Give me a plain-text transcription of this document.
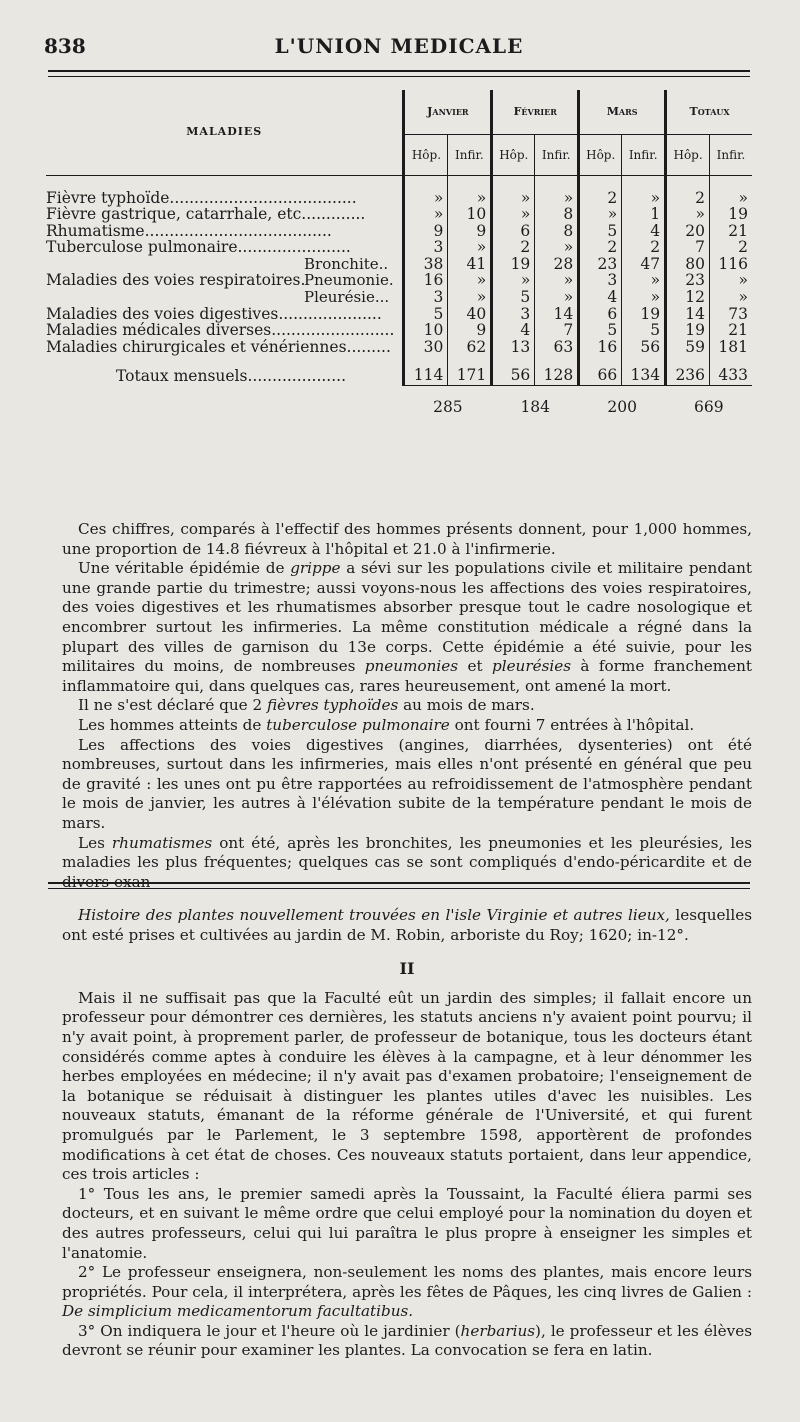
L'UNION MEDICALE
838
MALADIES	Janvier		Février		Mars		Totaux	
	Hôp.	Infir.	Hôp.	Infir.	Hôp.	Infir.	Hôp.	Infir.

Fièvre typhoïde......................................	»	»	»	»	2	»	2	»
Fièvre gastrique, catarrhale, etc.............	»	10	»	8	»	1	»	19
Rhumatisme......................................	9	9	6	8	5	4	20	21
Tuberculose pulmonaire.......................	3	»	2	»	2	2	7	2
Bronchite..	38	41	19	28	23	47	80	116
Maladies des voies respiratoires.Pneumonie.	16	»	»	»	3	»	23	»
Pleurésie...	3	»	5	»	4	»	12	»
Maladies des voies digestives.....................	5	40	3	14	6	19	14	73
Maladies médicales diverses.........................	10	9	4	7	5	5	19	21
Maladies chirurgicales et vénériennes.........	30	62	13	63	16	56	59	181
Totaux mensuels....................	114	171	56	128	66	134	236	433
	285		184		200		669	

Ces chiffres, comparés à l'effectif des hommes présents donnent, pour 1,000 hommes, une proportion de 14.8 fiévreux à l'hôpital et 21.0 à l'infirmerie.

Une véritable épidémie de grippe a sévi sur les populations civile et militaire pendant une grande partie du trimestre; aussi voyons-nous les affections des voies respiratoires, des voies digestives et les rhumatismes absorber presque tout le cadre nosologique et encombrer surtout les infirmeries. La même constitution médicale a régné dans la plupart des villes de garnison du 13e corps. Cette épidémie a été suivie, pour les militaires du moins, de nombreuses pneumonies et pleurésies à forme franchement inflammatoire qui, dans quelques cas, rares heureusement, ont amené la mort.

Il ne s'est déclaré que 2 fièvres typhoïdes au mois de mars.

Les hommes atteints de tuberculose pulmonaire ont fourni 7 entrées à l'hôpital.

Les affections des voies digestives (angines, diarrhées, dysenteries) ont été nombreuses, surtout dans les infirmeries, mais elles n'ont présenté en général que peu de gravité : les unes ont pu être rapportées au refroidissement de l'atmosphère pendant le mois de janvier, les autres à l'élévation subite de la température pendant le mois de mars.

Les rhumatismes ont été, après les bronchites, les pneumonies et les pleurésies, les maladies les plus fréquentes; quelques cas se sont compliqués d'endo-péricardite et de

Histoire des plantes nouvellement trouvées en l'isle Virginie et autres lieux, lesquelles ont esté prises et cultivées au jardin de M. Robin, arboriste du Roy; 1620; in-12°.

II

Mais il ne suffisait pas que la Faculté eût un jardin des simples; il fallait encore un professeur pour démontrer ces dernières, les statuts anciens n'y avaient point pourvu; il n'y avait point, à proprement parler, de professeur de botanique, tous les docteurs étant considérés comme aptes à conduire les élèves à la campagne, et à leur dénommer les herbes employées en médecine; il n'y avait pas d'examen probatoire; l'enseignement de la botanique se réduisait à distinguer les plantes utiles d'avec les nuisibles. Les nouveaux statuts, émanant de la réforme générale de l'Université, et qui furent promulgués par le Parlement, le 3 septembre 1598, apportèrent de profondes modifications à cet état de choses. Ces nouveaux statuts portaient, dans leur appendice, ces trois articles :

1° Tous les ans, le premier samedi après la Toussaint, la Faculté éliera parmi ses docteurs, et en suivant le même ordre que celui employé pour la nomination du doyen et des autres professeurs, celui qui lui paraîtra le plus propre à enseigner les simples et l'anatomie.

2° Le professeur enseignera, non-seulement les noms des plantes, mais encore leurs propriétés. Pour cela, il interprétera, après les fêtes de Pâques, les cinq livres de Galien : De simplicium medicamentorum facultatibus.

3° On indiquera le jour et l'heure où le jardinier (herbarius), le professeur et les élèves devront se réunir pour examiner les plantes. La convocation se fera en latin.
